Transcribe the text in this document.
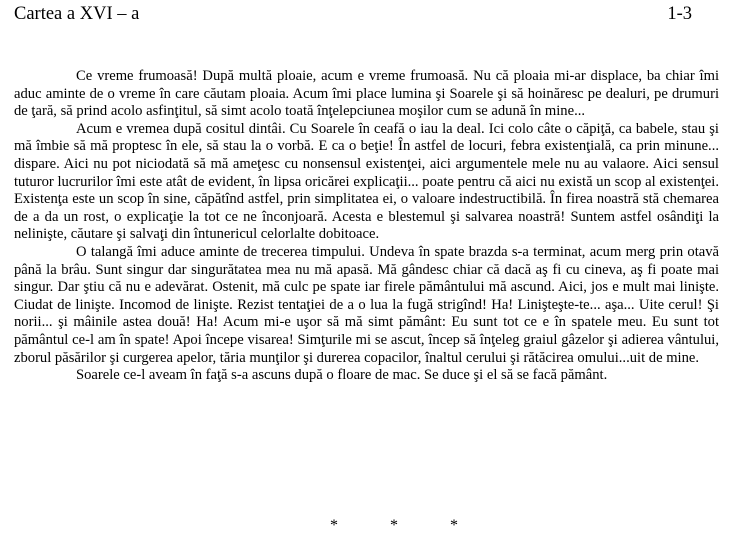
Cartea a XVI – a	1-3

Ce vreme frumoasă! După multă ploaie, acum e vreme frumoasă. Nu că ploaia mi-ar displace, ba chiar îmi aduc aminte de o vreme în care căutam ploaia. Acum îmi place lumina şi Soarele şi să hoinăresc pe dealuri, pe drumuri de ţară, să prind acolo asfinţitul, să simt acolo toată înţelepciunea moşilor cum se adună în mine...

Acum e vremea după cositul dintâi. Cu Soarele în ceafă o iau la deal. Ici colo câte o căpiţă, ca babele, stau şi mă îmbie să mă proptesc în ele, să stau la o vorbă. E ca o beţie! În astfel de locuri, febra existenţială, ca prin minune... dispare. Aici nu pot niciodată să mă ameţesc cu nonsensul existenţei, aici argumentele mele nu au valaore. Aici sensul tuturor lucrurilor îmi este atât de evident, în lipsa oricărei explicaţii... poate pentru că aici nu există un scop al existenţei. Existenţa este un scop în sine, căpătînd astfel, prin simplitatea ei, o valoare indestructibilă. În firea noastră stă chemarea de a da un rost, o explicaţie la tot ce ne înconjoară. Acesta e blestemul şi salvarea noastră! Suntem astfel osândiţi la nelinişte, căutare şi salvaţi din întunericul celorlalte dobitoace.

O talangă îmi aduce aminte de trecerea timpului. Undeva în spate brazda s-a terminat, acum merg prin otavă până la brâu. Sunt singur dar singurătatea mea nu mă apasă. Mă gândesc chiar că dacă aş fi cu cineva, aş fi poate mai singur. Dar ştiu că nu e adevărat. Ostenit, mă culc pe spate iar firele pământului mă ascund. Aici, jos e mult mai linişte. Ciudat de linişte. Incomod de linişte. Rezist tentaţiei de a o lua la fugă strigînd! Ha! Linişteşte-te... aşa... Uite cerul! Şi norii... şi mâinile astea două! Ha! Acum mi-e uşor să mă simt pământ: Eu sunt tot ce e în spatele meu. Eu sunt tot pământul ce-l am în spate! Apoi începe visarea! Simţurile mi se ascut, încep să înţeleg graiul gâzelor şi adierea vântului, zborul păsărilor şi curgerea apelor, tăria munţilor şi durerea copacilor, înaltul cerului şi rătăcirea omului...uit de mine.

Soarele ce-l aveam în faţă s-a ascuns după o floare de mac. Se duce şi el să se facă pământ.

*	*	*
